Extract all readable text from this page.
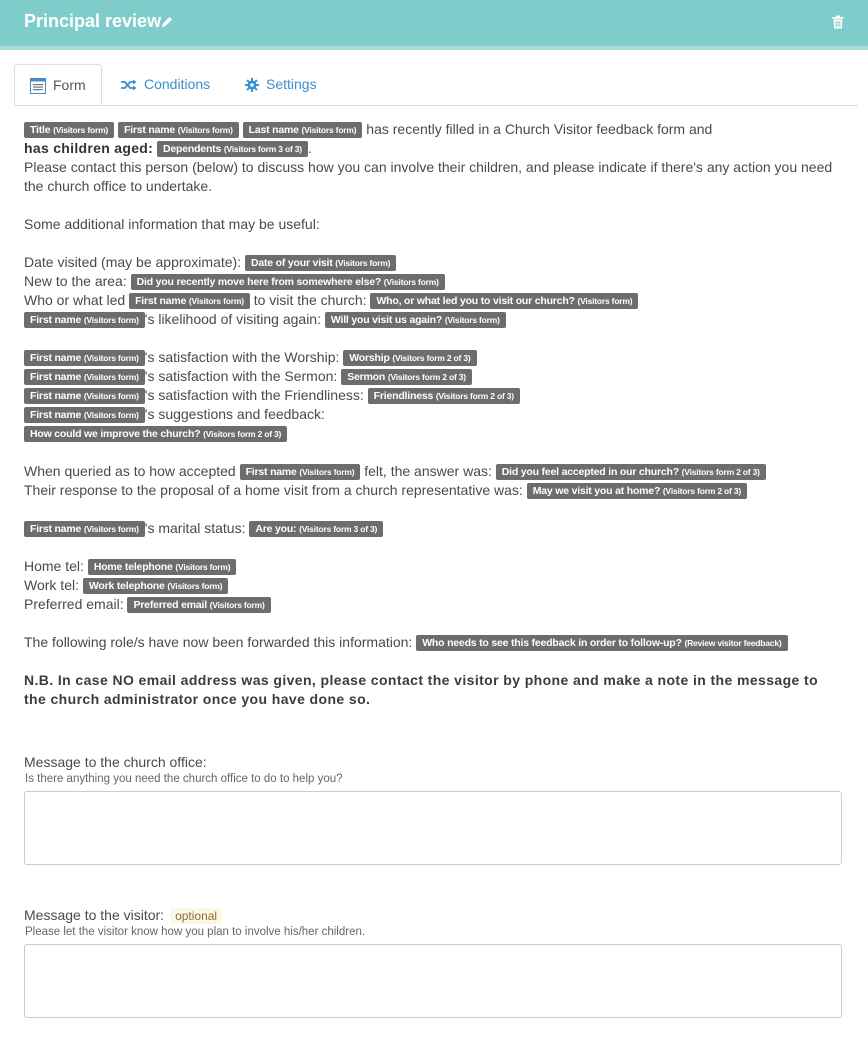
Principal review
Form	Conditions	Settings
Title (Visitors form) First name (Visitors form) Last name (Visitors form) has recently filled in a Church Visitor feedback form and
has children aged: Dependents (Visitors form 3 of 3) .
Please contact this person (below) to discuss how you can involve their children, and please indicate if there's any action you need the church office to undertake.
Some additional information that may be useful:
Date visited (may be approximate): Date of your visit (Visitors form)
New to the area: Did you recently move here from somewhere else? (Visitors form)
Who or what led First name (Visitors form) to visit the church: Who, or what led you to visit our church? (Visitors form)
First name (Visitors form) 's likelihood of visiting again: Will you visit us again? (Visitors form)
First name (Visitors form) 's satisfaction with the Worship: Worship (Visitors form 2 of 3)
First name (Visitors form) 's satisfaction with the Sermon: Sermon (Visitors form 2 of 3)
First name (Visitors form) 's satisfaction with the Friendliness: Friendliness (Visitors form 2 of 3)
First name (Visitors form) 's suggestions and feedback:
How could we improve the church? (Visitors form 2 of 3)
When queried as to how accepted First name (Visitors form) felt, the answer was: Did you feel accepted in our church? (Visitors form 2 of 3)
Their response to the proposal of a home visit from a church representative was: May we visit you at home? (Visitors form 2 of 3)
First name (Visitors form) 's marital status: Are you: (Visitors form 3 of 3)
Home tel: Home telephone (Visitors form)
Work tel: Work telephone (Visitors form)
Preferred email: Preferred email (Visitors form)
The following role/s have now been forwarded this information: Who needs to see this feedback in order to follow-up? (Review visitor feedback)
N.B. In case NO email address was given, please contact the visitor by phone and make a note in the message to the church administrator once you have done so.
Message to the church office:
Is there anything you need the church office to do to help you?
Message to the visitor: optional
Please let the visitor know how you plan to involve his/her children.
